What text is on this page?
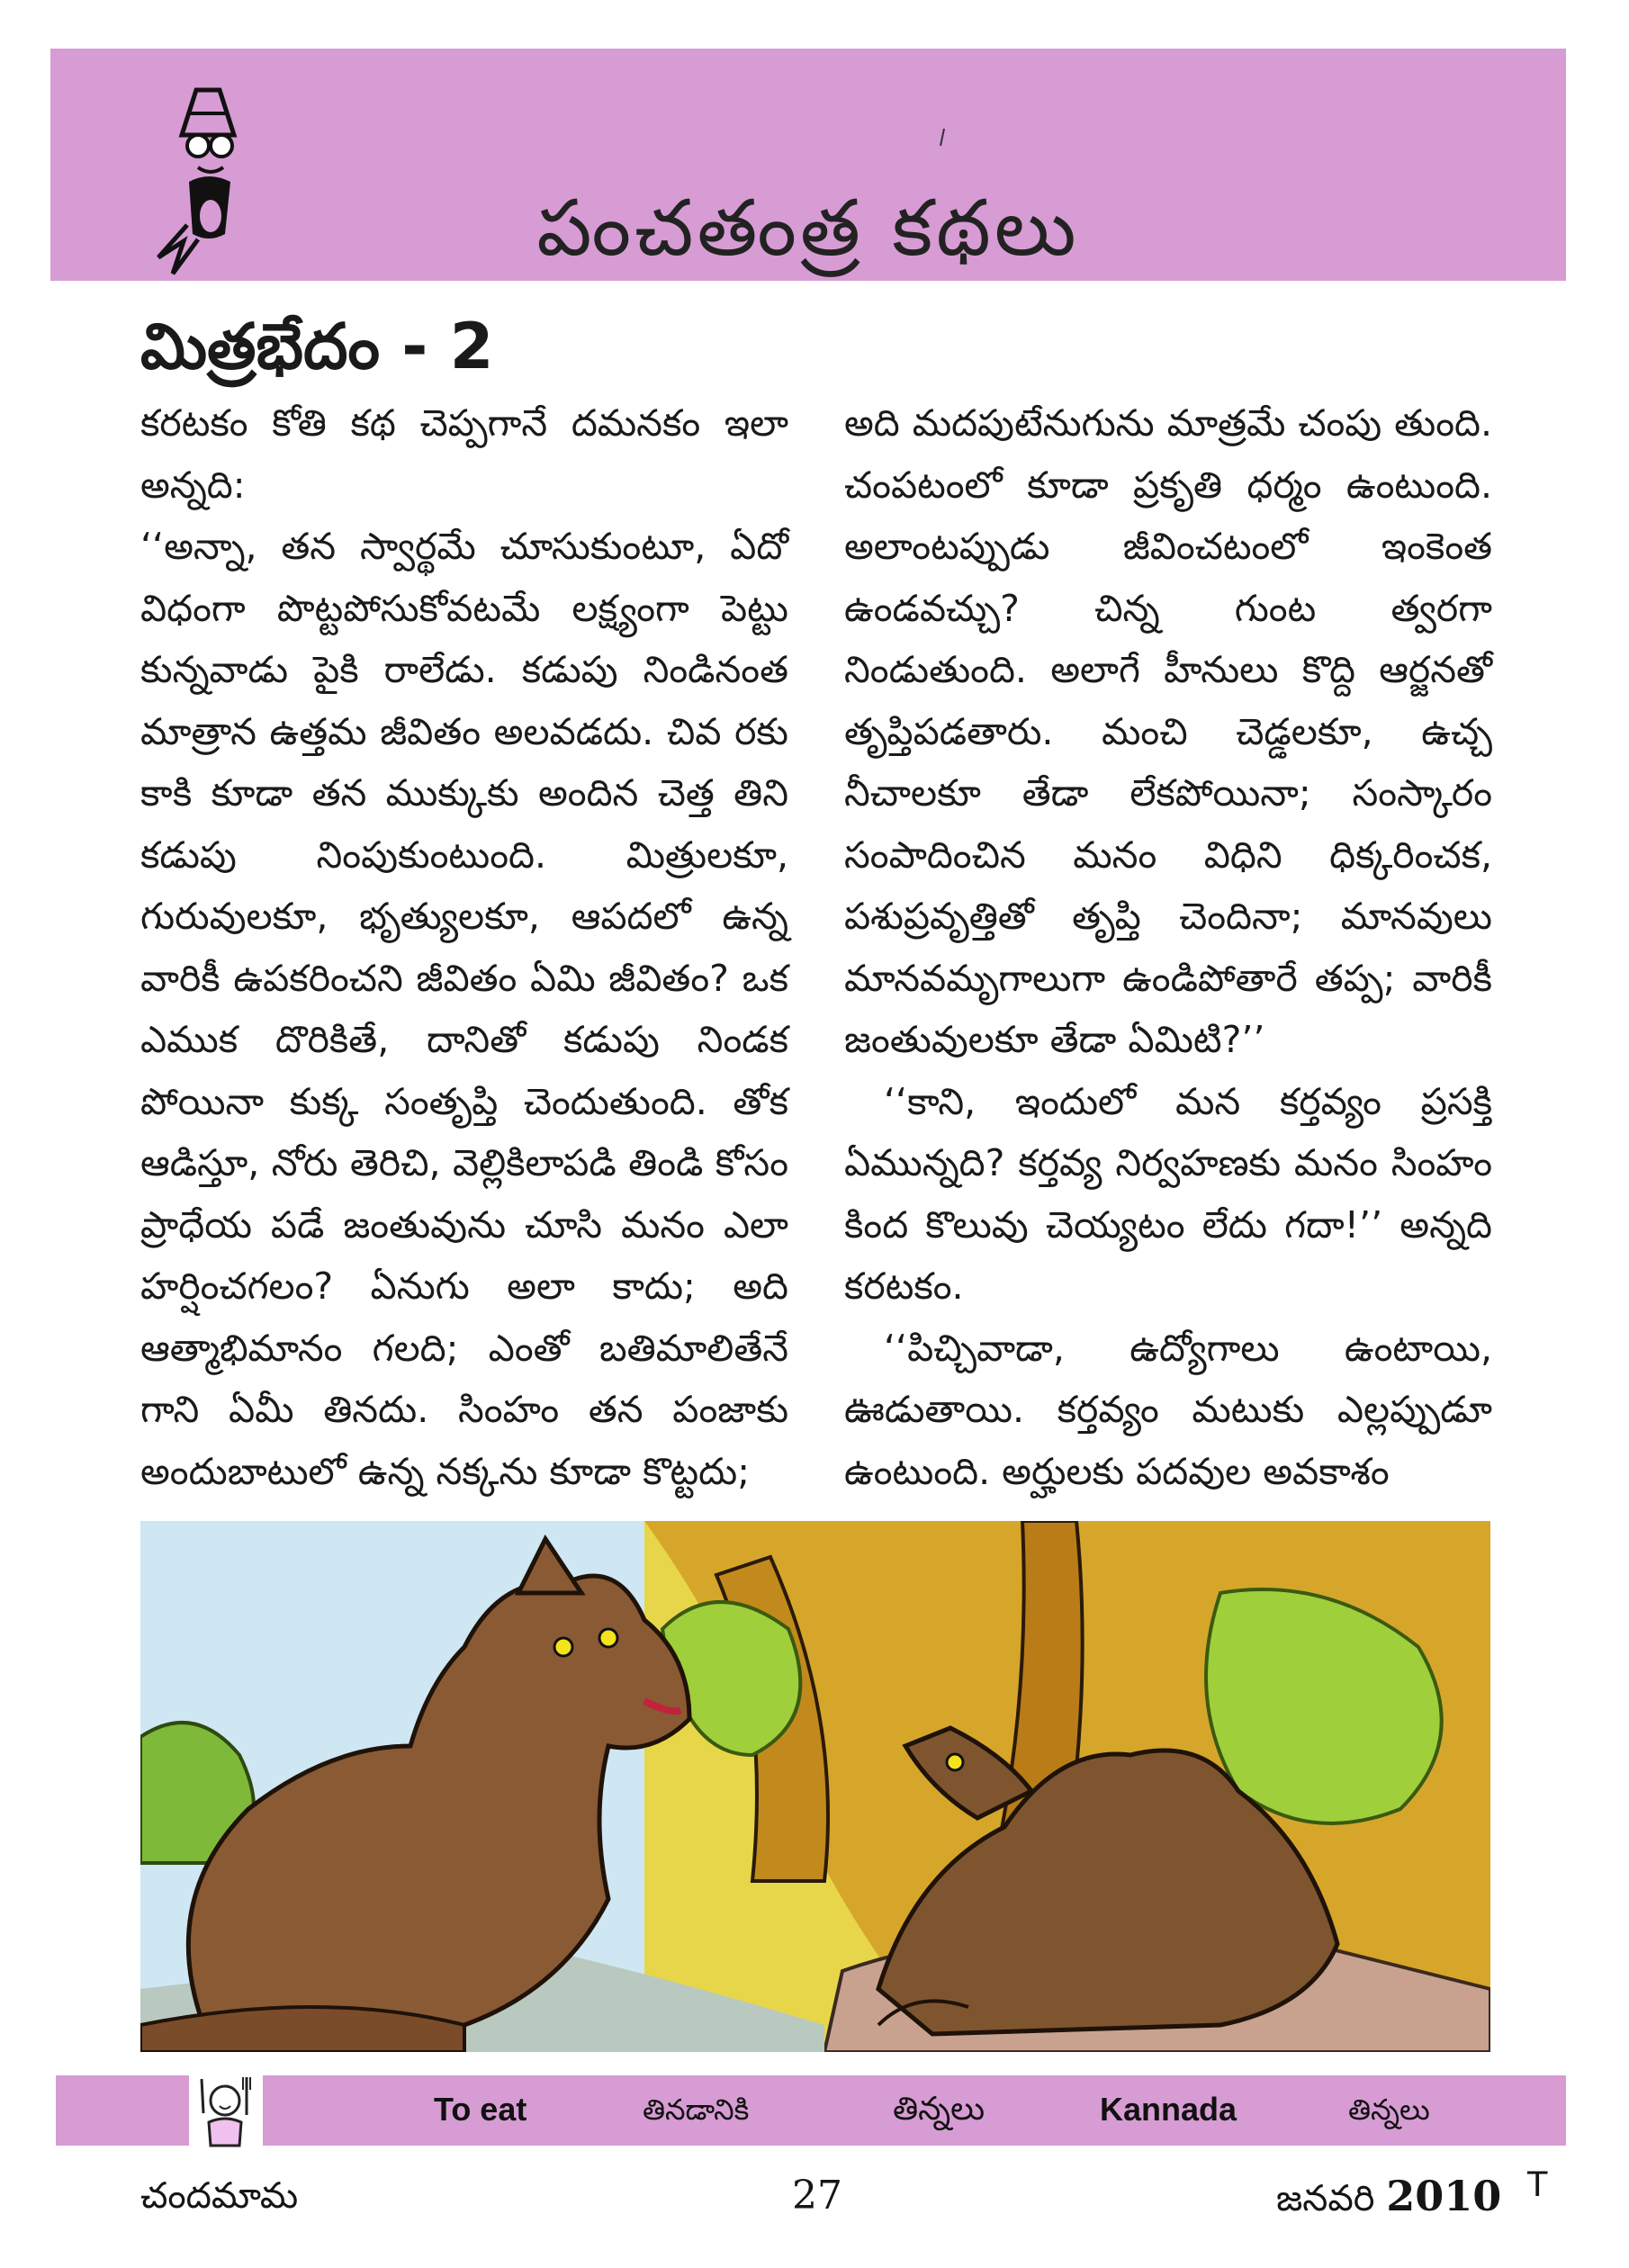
పంచతంత్ర కథలు
మిత్రభేదం - 2

కరటకం కోతి కథ చెప్పగానే దమనకం ఇలా అన్నది:

‘‘అన్నా, తన స్వార్థమే చూసుకుంటూ, ఏదో విధంగా పొట్టపోసుకోవటమే లక్ష్యంగా పెట్టు కున్నవాడు పైకి రాలేడు. కడుపు నిండినంత మాత్రాన ఉత్తమ జీవితం అలవడదు. చివ రకు కాకి కూడా తన ముక్కుకు అందిన చెత్త తిని కడుపు నింపుకుంటుంది. మిత్రులకూ, గురువులకూ, భృత్యులకూ, ఆపదలో ఉన్న వారికీ ఉపకరించని జీవితం ఏమి జీవితం? ఒక ఎముక దొరికితే, దానితో కడుపు నిండక పోయినా కుక్క సంతృప్తి చెందుతుంది. తోక ఆడిస్తూ, నోరు తెరిచి, వెల్లికిలాపడి తిండి కోసం ప్రాధేయ పడే జంతువును చూసి మనం ఎలా హర్షించగలం? ఏనుగు అలా కాదు; అది ఆత్మాభిమానం గలది; ఎంతో బతిమాలితేనే గాని ఏమీ తినదు. సింహం తన పంజాకు అందుబాటులో ఉన్న నక్కను కూడా కొట్టదు;

అది మదపుటేనుగును మాత్రమే చంపు తుంది. చంపటంలో కూడా ప్రకృతి ధర్మం ఉంటుంది. అలాంటప్పుడు జీవించటంలో ఇంకెంత ఉండవచ్చు? చిన్న గుంట త్వరగా నిండుతుంది. అలాగే హీనులు కొద్ది ఆర్జనతో తృప్తిపడతారు. మంచి చెడ్డలకూ, ఉచ్చ నీచాలకూ తేడా లేకపోయినా; సంస్కారం సంపాదించిన మనం విధిని ధిక్కరించక, పశుప్రవృత్తితో తృప్తి చెందినా; మానవులు మానవమృగాలుగా ఉండిపోతారే తప్ప; వారికీ జంతువులకూ తేడా ఏమిటి?’’

‘‘కాని, ఇందులో మన కర్తవ్యం ప్రసక్తి ఏమున్నది? కర్తవ్య నిర్వహణకు మనం సింహం కింద కొలువు చెయ్యటం లేదు గదా!’’ అన్నది కరటకం.

‘‘పిచ్చివాడా, ఉద్యోగాలు ఉంటాయి, ఊడుతాయి. కర్తవ్యం మటుకు ఎల్లప్పుడూ ఉంటుంది. అర్హులకు పదవుల అవకాశం

To eat	తినడానికి	తిన్నలు	Kannada	తిన్నలు
చందమామ	27	జనవరి 2010 T
